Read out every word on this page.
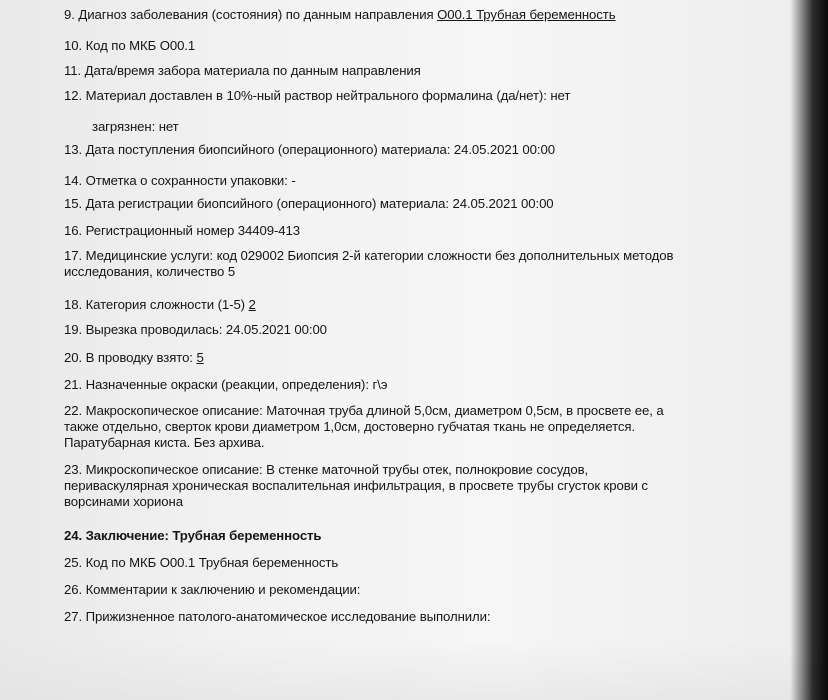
9. Диагноз заболевания (состояния) по данным направления О00.1 Трубная беременность
10. Код по МКБ О00.1
11. Дата/время забора материала по данным направления
12. Материал доставлен в 10%-ный раствор нейтрального формалина (да/нет): нет
загрязнен: нет
13. Дата поступления биопсийного (операционного) материала: 24.05.2021 00:00
14. Отметка о сохранности упаковки: -
15. Дата регистрации биопсийного (операционного) материала: 24.05.2021 00:00
16. Регистрационный номер 34409-413
17. Медицинские услуги: код 029002 Биопсия 2-й категории сложности без дополнительных методов
исследования, количество 5
18. Категория сложности (1-5) 2
19. Вырезка проводилась: 24.05.2021 00:00
20. В проводку взято: 5
21. Назначенные окраски (реакции, определения): г\э
22. Макроскопическое описание: Маточная труба длиной 5,0см, диаметром 0,5см, в просвете ее, а
также отдельно, сверток крови диаметром 1,0см, достоверно губчатая ткань не определяется.
Паратубарная киста. Без архива.
23. Микроскопическое описание: В стенке маточной трубы отек, полнокровие сосудов,
периваскулярная хроническая воспалительная инфильтрация, в просвете трубы сгусток крови с
ворсинами хориона
24. Заключение: Трубная беременность
25. Код по МКБ О00.1 Трубная беременность
26. Комментарии к заключению и рекомендации:
27. Прижизненное патолого-анатомическое исследование выполнили:
